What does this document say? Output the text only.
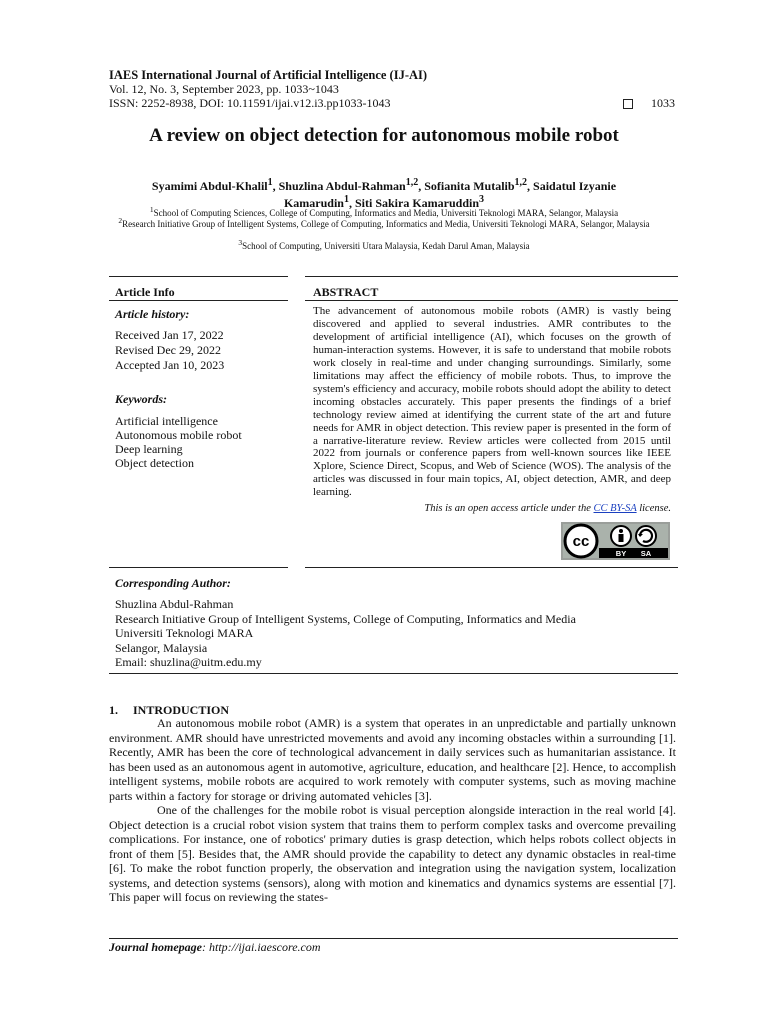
IAES International Journal of Artificial Intelligence (IJ-AI)
Vol. 12, No. 3, September 2023, pp. 1033~1043
ISSN: 2252-8938, DOI: 10.11591/ijai.v12.i3.pp1033-1043	1033
A review on object detection for autonomous mobile robot
Syamimi Abdul-Khalil$^1$, Shuzlina Abdul-Rahman$^{1,2}$, Sofianita Mutalib$^{1,2}$, Saidatul Izyanie Kamarudin$^1$, Siti Sakira Kamaruddin$^3$
$^1$School of Computing Sciences, College of Computing, Informatics and Media, Universiti Teknologi MARA, Selangor, Malaysia
$^2$Research Initiative Group of Intelligent Systems, College of Computing, Informatics and Media, Universiti Teknologi MARA, Selangor, Malaysia
$^3$School of Computing, Universiti Utara Malaysia, Kedah Darul Aman, Malaysia
Article Info
Article history:
Received Jan 17, 2022
Revised Dec 29, 2022
Accepted Jan 10, 2023
Keywords:
Artificial intelligence
Autonomous mobile robot
Deep learning
Object detection
ABSTRACT
The advancement of autonomous mobile robots (AMR) is vastly being discovered and applied to several industries. AMR contributes to the development of artificial intelligence (AI), which focuses on the growth of human-interaction systems. However, it is safe to understand that mobile robots work closely in real-time and under changing surroundings. Similarly, some limitations may affect the efficiency of mobile robots. Thus, to improve the system's efficiency and accuracy, mobile robots should adopt the ability to detect incoming obstacles accurately. This paper presents the findings of a brief technology review aimed at identifying the current state of the art and future needs for AMR in object detection. This review paper is presented in the form of a narrative-literature review. Review articles were collected from 2015 until 2022 from journals or conference papers from well-known sources like IEEE Xplore, Science Direct, Scopus, and Web of Science (WOS). The analysis of the articles was discussed in four main topics, AI, object detection, AMR, and deep learning.
This is an open access article under the CC BY-SA license.
cc
BY SA
Corresponding Author:
Shuzlina Abdul-Rahman
Research Initiative Group of Intelligent Systems, College of Computing, Informatics and Media
Universiti Teknologi MARA
Selangor, Malaysia
Email: shuzlina@uitm.edu.my
1.     INTRODUCTION

An autonomous mobile robot (AMR) is a system that operates in an unpredictable and partially unknown environment. AMR should have unrestricted movements and avoid any incoming obstacles within a surrounding [1]. Recently, AMR has been the core of technological advancement in daily services such as humanitarian assistance. It has been used as an autonomous agent in automotive, agriculture, education, and healthcare [2]. Hence, to accomplish intelligent systems, mobile robots are acquired to work remotely with computer systems, such as moving machine parts within a factory for storage or driving automated vehicles [3].

One of the challenges for the mobile robot is visual perception alongside interaction in the real world [4]. Object detection is a crucial robot vision system that trains them to perform complex tasks and overcome prevailing complications. For instance, one of robotics' primary duties is grasp detection, which helps robots collect objects in front of them [5]. Besides that, the AMR should provide the capability to detect any dynamic obstacles in real-time [6]. To make the robot function properly, the observation and integration using the navigation system, localization systems, and detection systems (sensors), along with motion and kinematics and dynamics systems are essential [7]. This paper will focus on reviewing the states-

Journal homepage: http://ijai.iaescore.com
